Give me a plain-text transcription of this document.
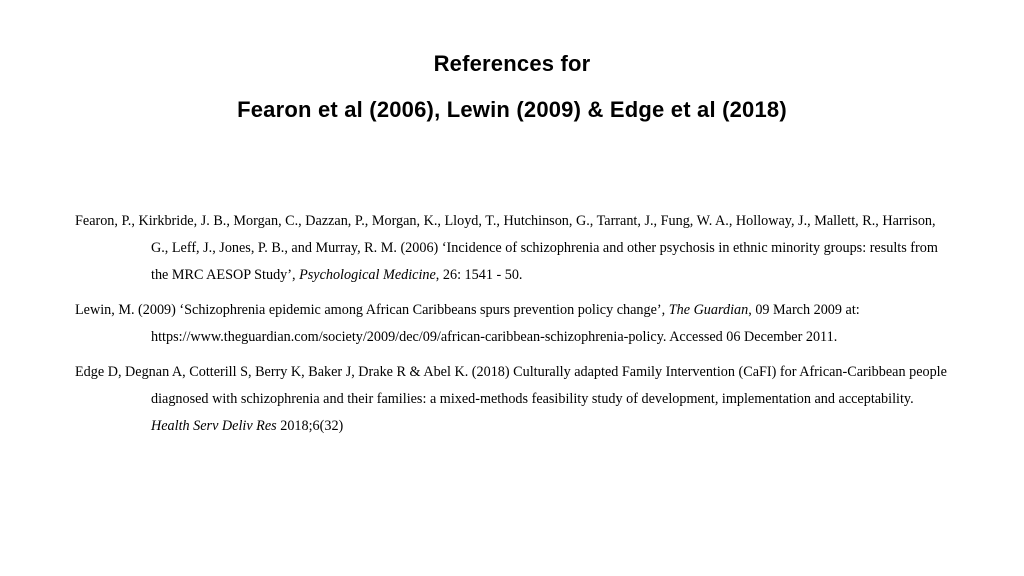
References for
Fearon et al (2006), Lewin (2009) & Edge et al (2018)

Fearon, P., Kirkbride, J. B., Morgan, C., Dazzan, P., Morgan, K., Lloyd, T., Hutchinson, G., Tarrant, J., Fung, W. A., Holloway, J., Mallett, R., Harrison, G., Leff, J., Jones, P. B., and Murray, R. M. (2006) ‘Incidence of schizophrenia and other psychosis in ethnic minority groups: results from the MRC AESOP Study’, Psychological Medicine, 26: 1541 - 50.

Lewin, M. (2009) ‘Schizophrenia epidemic among African Caribbeans spurs prevention policy change’, The Guardian, 09 March 2009 at: https://www.theguardian.com/society/2009/dec/09/african-caribbean-schizophrenia-policy. Accessed 06 December 2011.

Edge D, Degnan A, Cotterill S, Berry K, Baker J, Drake R & Abel K. (2018) Culturally adapted Family Intervention (CaFI) for African-Caribbean people diagnosed with schizophrenia and their families: a mixed-methods feasibility study of development, implementation and acceptability. Health Serv Deliv Res 2018;6(32)
